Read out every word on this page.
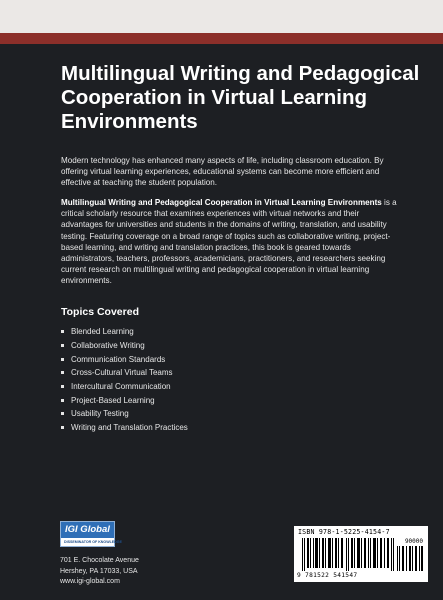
Multilingual Writing and Pedagogical Cooperation in Virtual Learning Environments

Modern technology has enhanced many aspects of life, including classroom education. By offering virtual learning experiences, educational systems can become more efficient and effective at teaching the student population.

Multilingual Writing and Pedagogical Cooperation in Virtual Learning Environments is a critical scholarly resource that examines experiences with virtual networks and their advantages for universities and students in the domains of writing, translation, and usability testing. Featuring coverage on a broad range of topics such as collaborative writing, project-based learning, and writing and translation practices, this book is geared towards administrators, teachers, professors, academicians, practitioners, and researchers seeking current research on multilingual writing and pedagogical cooperation in virtual learning environments.

Topics Covered
Blended Learning
Collaborative Writing
Communication Standards
Cross-Cultural Virtual Teams
Intercultural Communication
Project-Based Learning
Usability Testing
Writing and Translation Practices
IGI Global
DISSEMINATOR OF KNOWLEDGE
701 E. Chocolate Avenue
Hershey, PA 17033, USA
www.igi-global.com
ISBN 978-1-5225-4154-7
90000
9 781522 541547
